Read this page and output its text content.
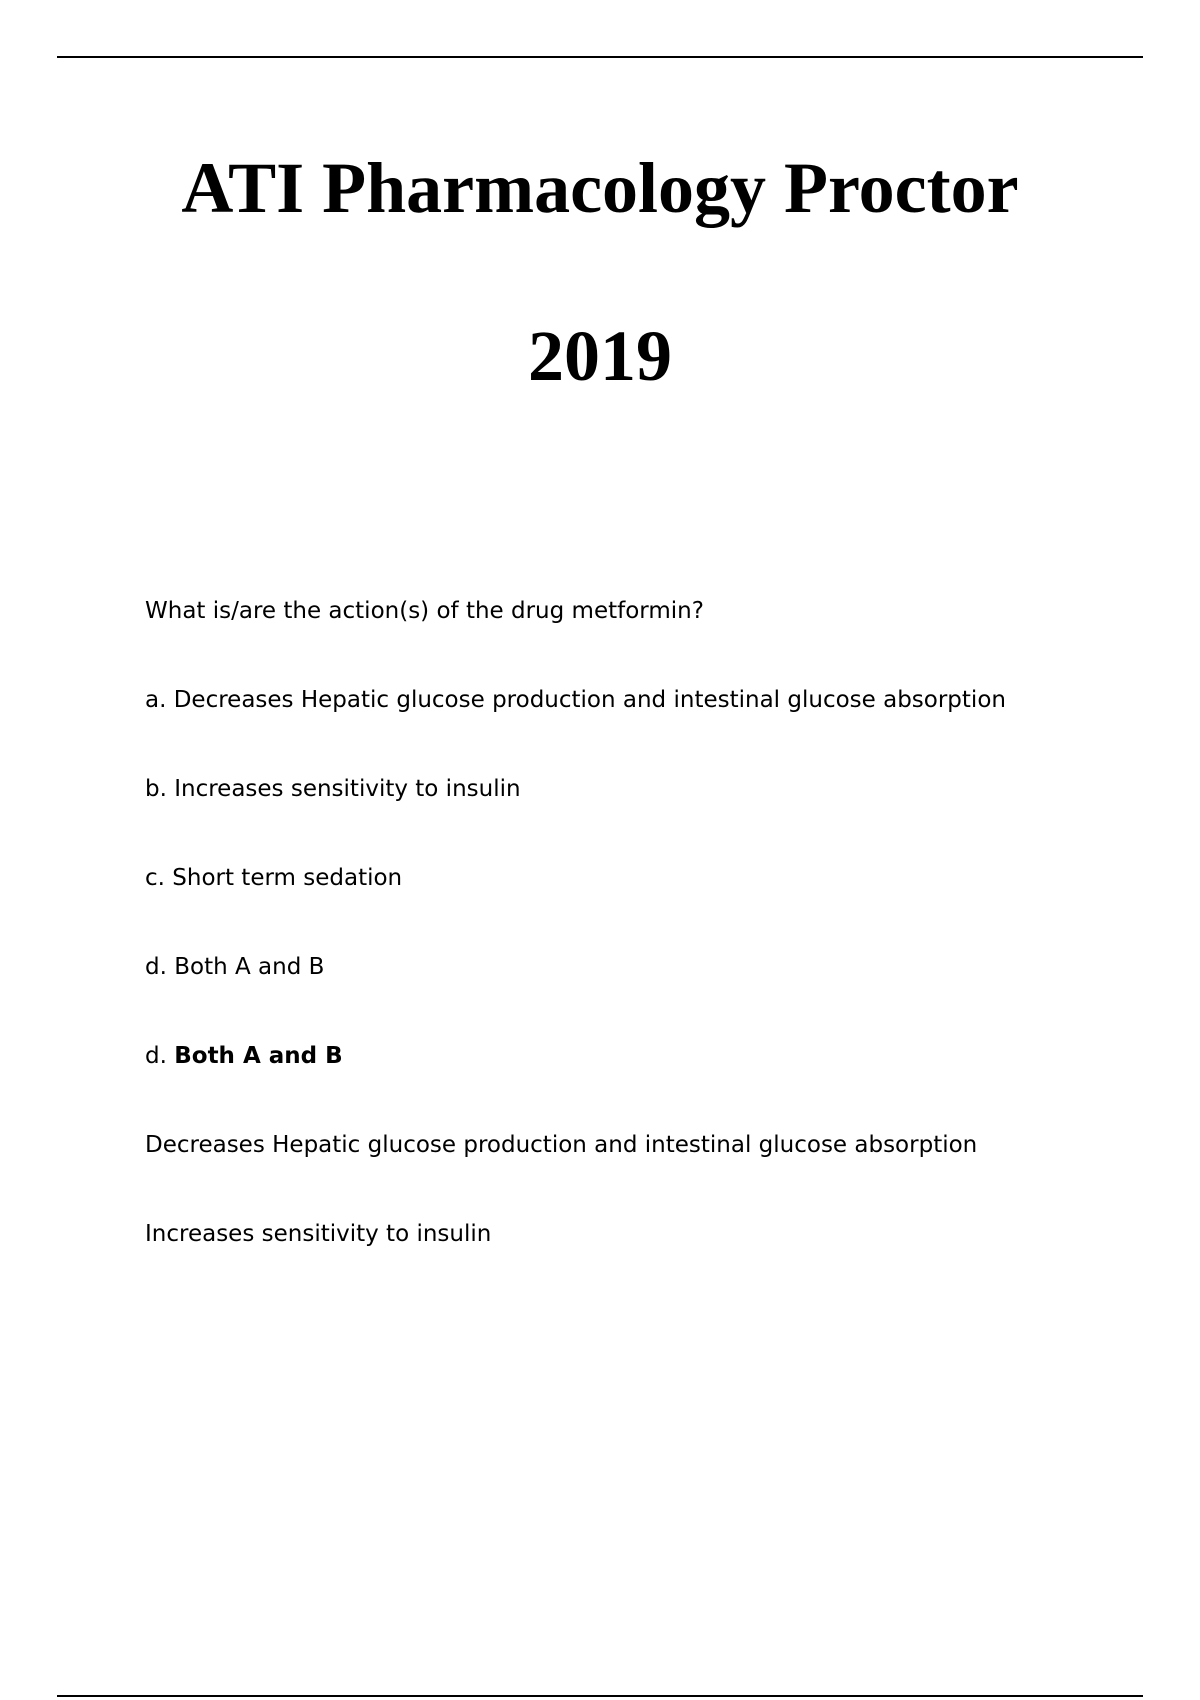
ATI Pharmacology Proctor
2019

What is/are the action(s) of the drug metformin?

a. Decreases Hepatic glucose production and intestinal glucose absorption

b. Increases sensitivity to insulin

c. Short term sedation

d. Both A and B

d. Both A and B

Decreases Hepatic glucose production and intestinal glucose absorption

Increases sensitivity to insulin
